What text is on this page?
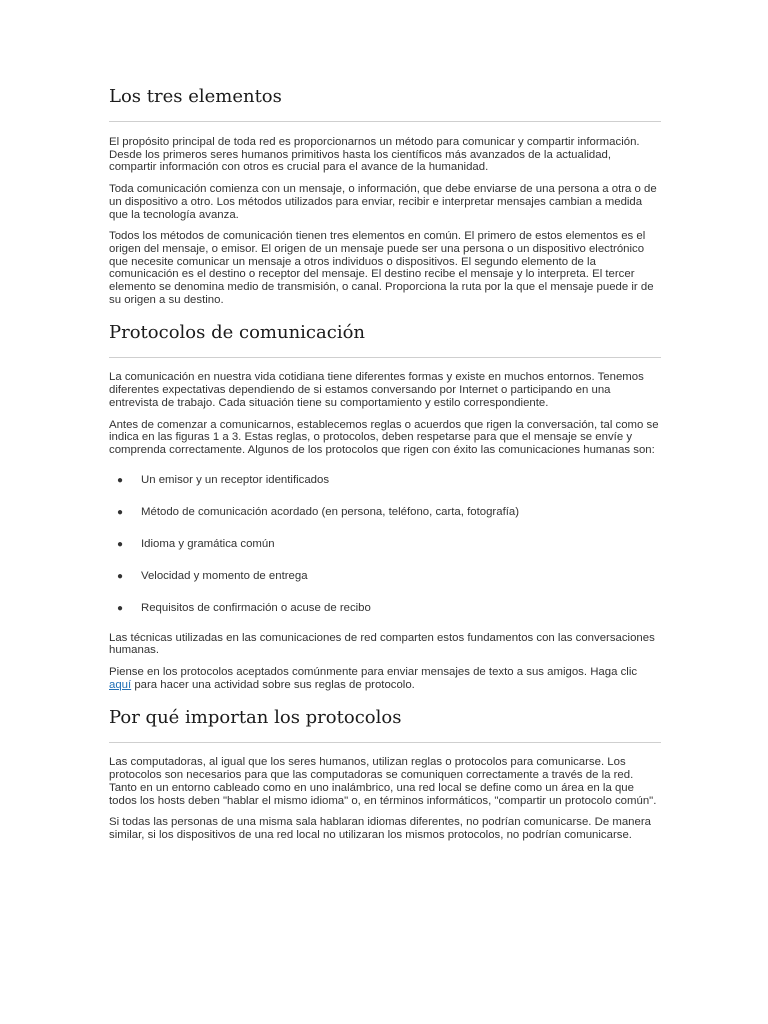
Los tres elementos

El propósito principal de toda red es proporcionarnos un método para comunicar y compartir información. Desde los primeros seres humanos primitivos hasta los científicos más avanzados de la actualidad, compartir información con otros es crucial para el avance de la humanidad.

Toda comunicación comienza con un mensaje, o información, que debe enviarse de una persona a otra o de un dispositivo a otro. Los métodos utilizados para enviar, recibir e interpretar mensajes cambian a medida que la tecnología avanza.

Todos los métodos de comunicación tienen tres elementos en común. El primero de estos elementos es el origen del mensaje, o emisor. El origen de un mensaje puede ser una persona o un dispositivo electrónico que necesite comunicar un mensaje a otros individuos o dispositivos. El segundo elemento de la comunicación es el destino o receptor del mensaje. El destino recibe el mensaje y lo interpreta. El tercer elemento se denomina medio de transmisión, o canal. Proporciona la ruta por la que el mensaje puede ir de su origen a su destino.

Protocolos de comunicación

La comunicación en nuestra vida cotidiana tiene diferentes formas y existe en muchos entornos. Tenemos diferentes expectativas dependiendo de si estamos conversando por Internet o participando en una entrevista de trabajo. Cada situación tiene su comportamiento y estilo correspondiente.

Antes de comenzar a comunicarnos, establecemos reglas o acuerdos que rigen la conversación, tal como se indica en las figuras 1 a 3. Estas reglas, o protocolos, deben respetarse para que el mensaje se envíe y comprenda correctamente. Algunos de los protocolos que rigen con éxito las comunicaciones humanas son:

● Un emisor y un receptor identificados
● Método de comunicación acordado (en persona, teléfono, carta, fotografía)
● Idioma y gramática común
● Velocidad y momento de entrega
● Requisitos de confirmación o acuse de recibo

Las técnicas utilizadas en las comunicaciones de red comparten estos fundamentos con las conversaciones humanas.

Piense en los protocolos aceptados comúnmente para enviar mensajes de texto a sus amigos. Haga clic aquí para hacer una actividad sobre sus reglas de protocolo.

Por qué importan los protocolos

Las computadoras, al igual que los seres humanos, utilizan reglas o protocolos para comunicarse. Los protocolos son necesarios para que las computadoras se comuniquen correctamente a través de la red. Tanto en un entorno cableado como en uno inalámbrico, una red local se define como un área en la que todos los hosts deben "hablar el mismo idioma" o, en términos informáticos, "compartir un protocolo común".

Si todas las personas de una misma sala hablaran idiomas diferentes, no podrían comunicarse. De manera similar, si los dispositivos de una red local no utilizaran los mismos protocolos, no podrían comunicarse.
